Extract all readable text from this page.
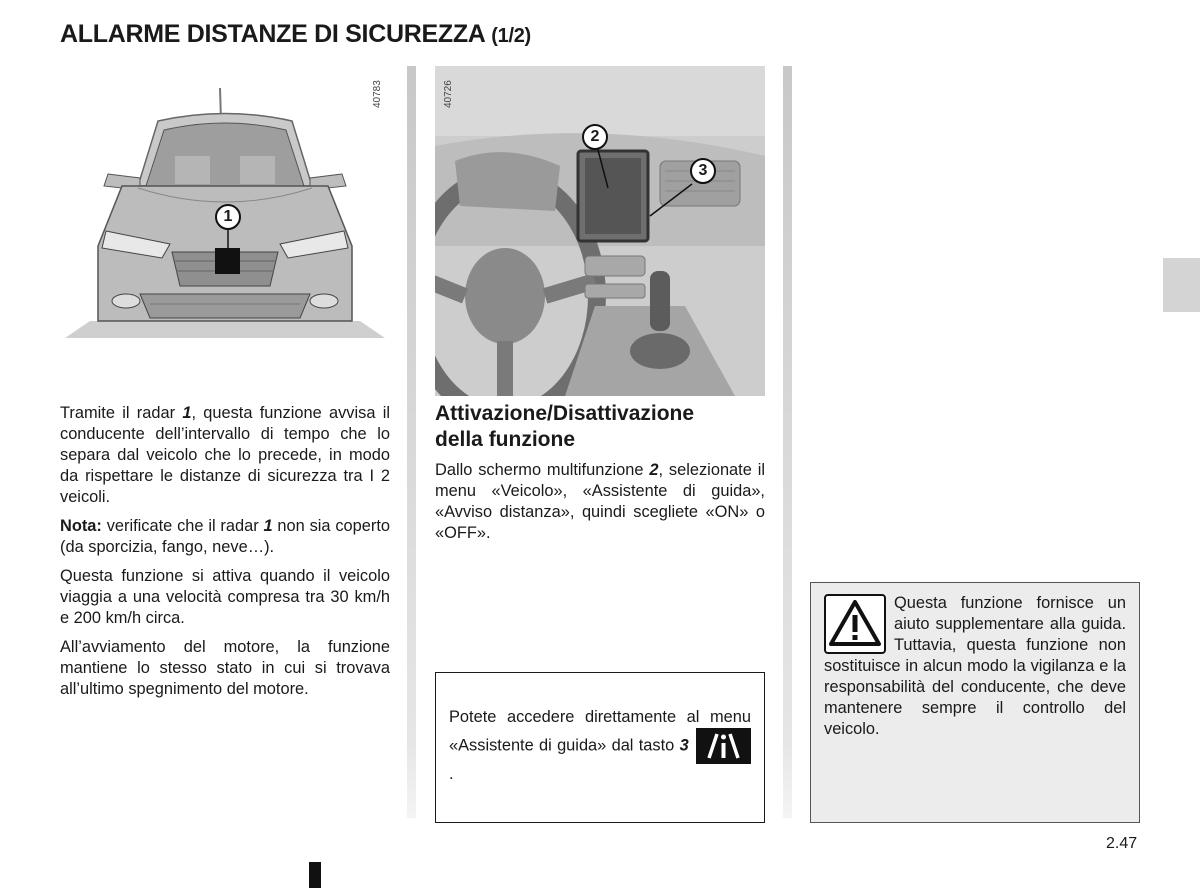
ALLARME DISTANZE DI SICUREZZA (1/2)
1
40783
2
3
40726

Tramite il radar 1, questa funzione avvisa il conducente dell’intervallo di tempo che lo separa dal veicolo che lo precede, in modo da rispettare le distanze di sicurezza tra I 2 veicoli.

Nota: verificate che il radar 1 non sia coperto (da sporcizia, fango, neve…).

Questa funzione si attiva quando il veicolo viaggia a una velocità compresa tra 30 km/h e 200 km/h circa.

All’avviamento del motore, la funzione mantiene lo stesso stato in cui si trovava all’ultimo spegnimento del motore.

Attivazione/Disattivazione
della funzione

Dallo schermo multifunzione 2, selezionate il menu «Veicolo», «Assistente di guida», «Avviso distanza», quindi scegliete «ON» o «OFF».

Potete accedere direttamente al menu «Assistente di guida» dal tasto 3 .
Questa funzione fornisce un aiuto supplementare alla guida. Tuttavia, questa funzione non sostituisce in alcun modo la vigilanza e la responsabilità del conducente, che deve mantenere sempre il controllo del veicolo.
2.47
